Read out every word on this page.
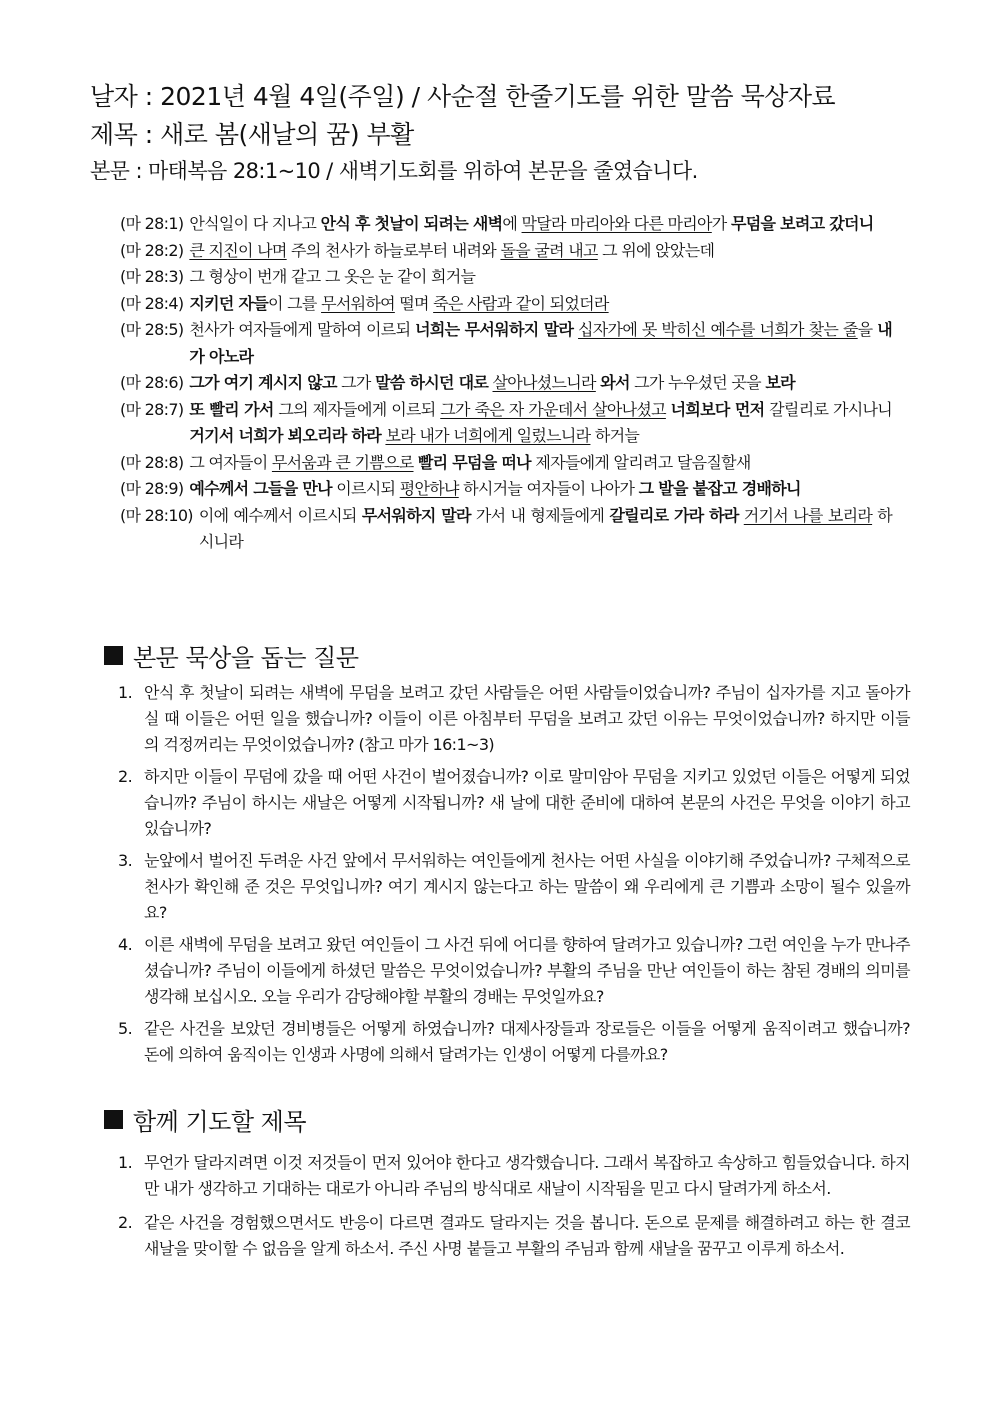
날자 : 2021년 4월 4일(주일) / 사순절 한줄기도를 위한 말씀 묵상자료
제목 : 새로 봄(새날의 꿈) 부활
본문 : 마태복음 28:1~10 / 새벽기도회를 위하여 본문을 줄였습니다.
(마 28:1) 안식일이 다 지나고 안식 후 첫날이 되려는 새벽에 막달라 마리아와 다른 마리아가 무덤을 보려고 갔더니
(마 28:2) 큰 지진이 나며 주의 천사가 하늘로부터 내려와 돌을 굴려 내고 그 위에 앉았는데
(마 28:3) 그 형상이 번개 같고 그 옷은 눈 같이 희거늘
(마 28:4) 지키던 자들이 그를 무서워하여 떨며 죽은 사람과 같이 되었더라
(마 28:5) 천사가 여자들에게 말하여 이르되 너희는 무서워하지 말라 십자가에 못 박히신 예수를 너희가 찾는 줄을 내가 아노라
(마 28:6) 그가 여기 계시지 않고 그가 말씀 하시던 대로 살아나셨느니라 와서 그가 누우셨던 곳을 보라
(마 28:7) 또 빨리 가서 그의 제자들에게 이르되 그가 죽은 자 가운데서 살아나셨고 너희보다 먼저 갈릴리로 가시나니 거기서 너희가 뵈오리라 하라 보라 내가 너희에게 일렀느니라 하거늘
(마 28:8) 그 여자들이 무서움과 큰 기쁨으로 빨리 무덤을 떠나 제자들에게 알리려고 달음질할새
(마 28:9) 예수께서 그들을 만나 이르시되 평안하냐 하시거늘 여자들이 나아가 그 발을 붙잡고 경배하니
(마 28:10) 이에 예수께서 이르시되 무서워하지 말라 가서 내 형제들에게 갈릴리로 가라 하라 거기서 나를 보리라 하시니라
본문 묵상을 돕는 질문
1. 안식 후 첫날이 되려는 새벽에 무덤을 보려고 갔던 사람들은 어떤 사람들이었습니까? 주님이 십자가를 지고 돌아가실 때 이들은 어떤 일을 했습니까? 이들이 이른 아침부터 무덤을 보려고 갔던 이유는 무엇이었습니까? 하지만 이들의 걱정꺼리는 무엇이었습니까? (참고 마가 16:1~3)
2. 하지만 이들이 무덤에 갔을 때 어떤 사건이 벌어졌습니까? 이로 말미암아 무덤을 지키고 있었던 이들은 어떻게 되었습니까? 주님이 하시는 새날은 어떻게 시작됩니까? 새 날에 대한 준비에 대하여 본문의 사건은 무엇을 이야기 하고 있습니까?
3. 눈앞에서 벌어진 두려운 사건 앞에서 무서워하는 여인들에게 천사는 어떤 사실을 이야기해 주었습니까? 구체적으로 천사가 확인해 준 것은 무엇입니까? 여기 계시지 않는다고 하는 말씀이 왜 우리에게 큰 기쁨과 소망이 될수 있을까요?
4. 이른 새벽에 무덤을 보려고 왔던 여인들이 그 사건 뒤에 어디를 향하여 달려가고 있습니까? 그런 여인을 누가 만나주셨습니까? 주님이 이들에게 하셨던 말씀은 무엇이었습니까? 부활의 주님을 만난 여인들이 하는 참된 경배의 의미를 생각해 보십시오. 오늘 우리가 감당해야할 부활의 경배는 무엇일까요?
5. 같은 사건을 보았던 경비병들은 어떻게 하였습니까? 대제사장들과 장로들은 이들을 어떻게 움직이려고 했습니까? 돈에 의하여 움직이는 인생과 사명에 의해서 달려가는 인생이 어떻게 다를까요?
함께 기도할 제목
1. 무언가 달라지려면 이것 저것들이 먼저 있어야 한다고 생각했습니다. 그래서 복잡하고 속상하고 힘들었습니다. 하지만 내가 생각하고 기대하는 대로가 아니라 주님의 방식대로 새날이 시작됨을 믿고 다시 달려가게 하소서.
2. 같은 사건을 경험했으면서도 반응이 다르면 결과도 달라지는 것을 봅니다. 돈으로 문제를 해결하려고 하는 한 결코 새날을 맞이할 수 없음을 알게 하소서. 주신 사명 붙들고 부활의 주님과 함께 새날을 꿈꾸고 이루게 하소서.
